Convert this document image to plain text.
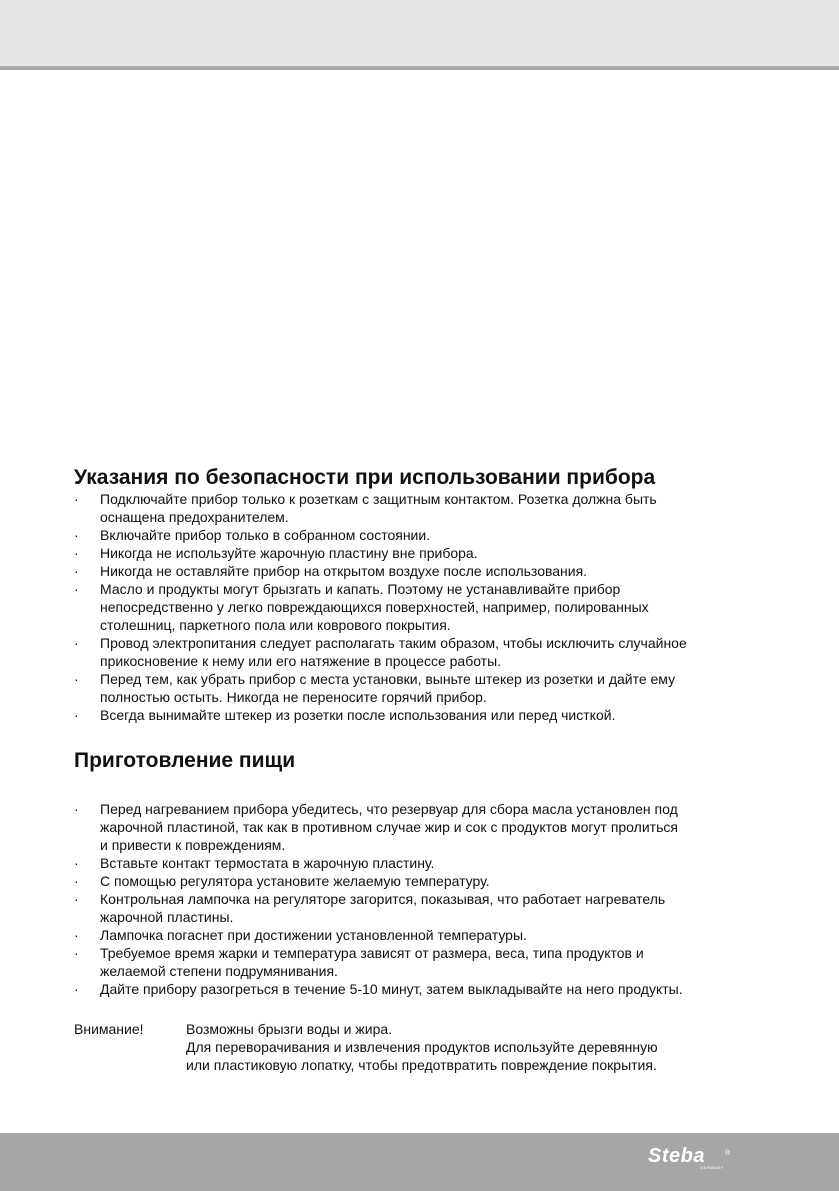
Указания по безопасности при использовании прибора
·	Подключайте прибор только к розеткам с защитным контактом. Розетка должна быть
оснащена предохранителем.
·	Включайте прибор только в собранном состоянии.
·	Никогда не используйте жарочную пластину вне прибора.
·	Никогда не оставляйте прибор на открытом воздухе после использования.
·	Масло и продукты могут брызгать и капать. Поэтому не устанавливайте прибор
непосредственно у легко повреждающихся поверхностей, например, полированных
столешниц, паркетного пола или коврового покрытия.
·	Провод электропитания следует располагать таким образом, чтобы исключить случайное
прикосновение к нему или его натяжение в процессе работы.
·	Перед тем, как убрать прибор с места установки, выньте штекер из розетки и дайте ему
полностью остыть. Никогда не переносите горячий прибор.
·	Всегда вынимайте штекер из розетки после использования или перед чисткой.
Приготовление пищи
·	Перед нагреванием прибора убедитесь, что резервуар для сбора масла установлен под
жарочной пластиной, так как в противном случае жир и сок с продуктов могут пролиться
и привести к повреждениям.
·	Вставьте контакт термостата в жарочную пластину.
·	С помощью регулятора установите желаемую температуру.
·	Контрольная лампочка на регуляторе загорится, показывая, что работает нагреватель
жарочной пластины.
·	Лампочка погаснет при достижении установленной температуры.
·	Требуемое время жарки и температура зависят от размера, веса, типа продуктов и
желаемой степени подрумянивания.
·	Дайте прибору разогреться в течение 5-10 минут, затем выкладывайте на него продукты.
Внимание!	Возможны брызги воды и жира.
Для переворачивания и извлечения продуктов используйте деревянную
или пластиковую лопатку, чтобы предотвратить повреждение покрытия.
Steba
GERMANY
®
